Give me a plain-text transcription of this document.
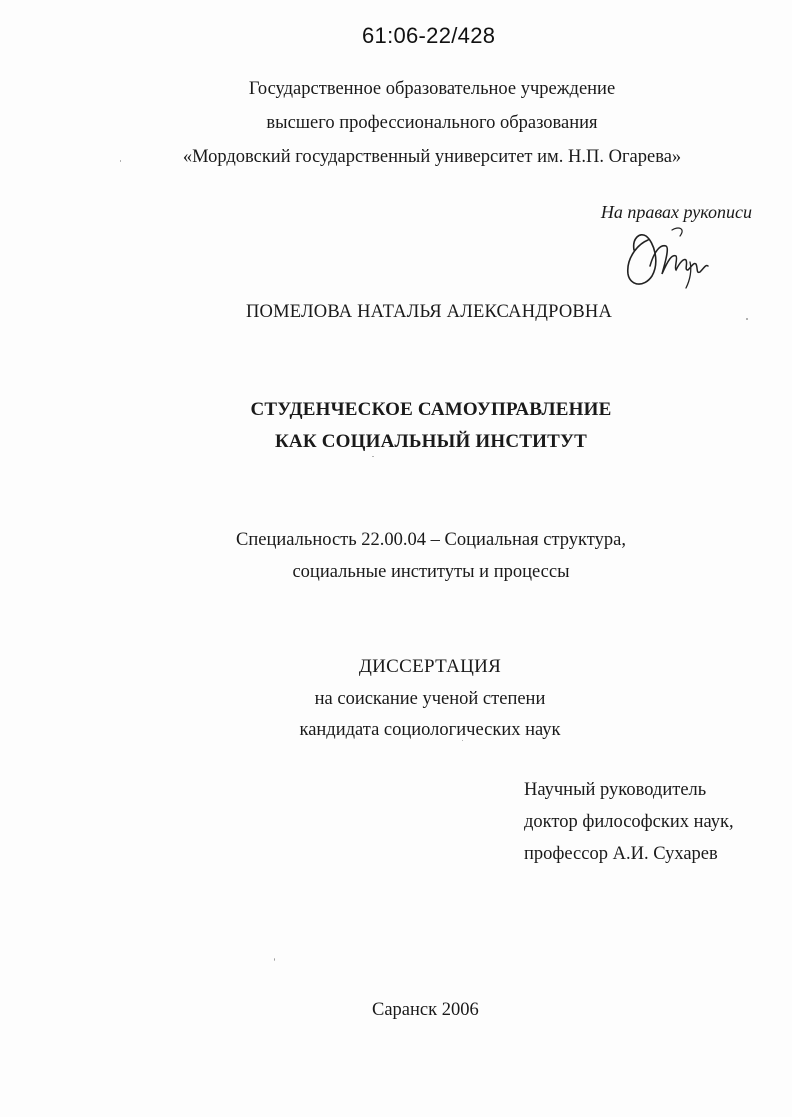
61:06-22/428
Государственное образовательное учреждение
высшего профессионального образования
«Мордовский государственный университет им. Н.П. Огарева»
На правах рукописи
ПОМЕЛОВА НАТАЛЬЯ АЛЕКСАНДРОВНА
СТУДЕНЧЕСКОЕ САМОУПРАВЛЕНИЕ
КАК СОЦИАЛЬНЫЙ ИНСТИТУТ
Специальность 22.00.04 – Социальная структура,
социальные институты и процессы
ДИССЕРТАЦИЯ
на соискание ученой степени
кандидата социологических наук
Научный руководитель
доктор философских наук,
профессор А.И. Сухарев
Саранск 2006
